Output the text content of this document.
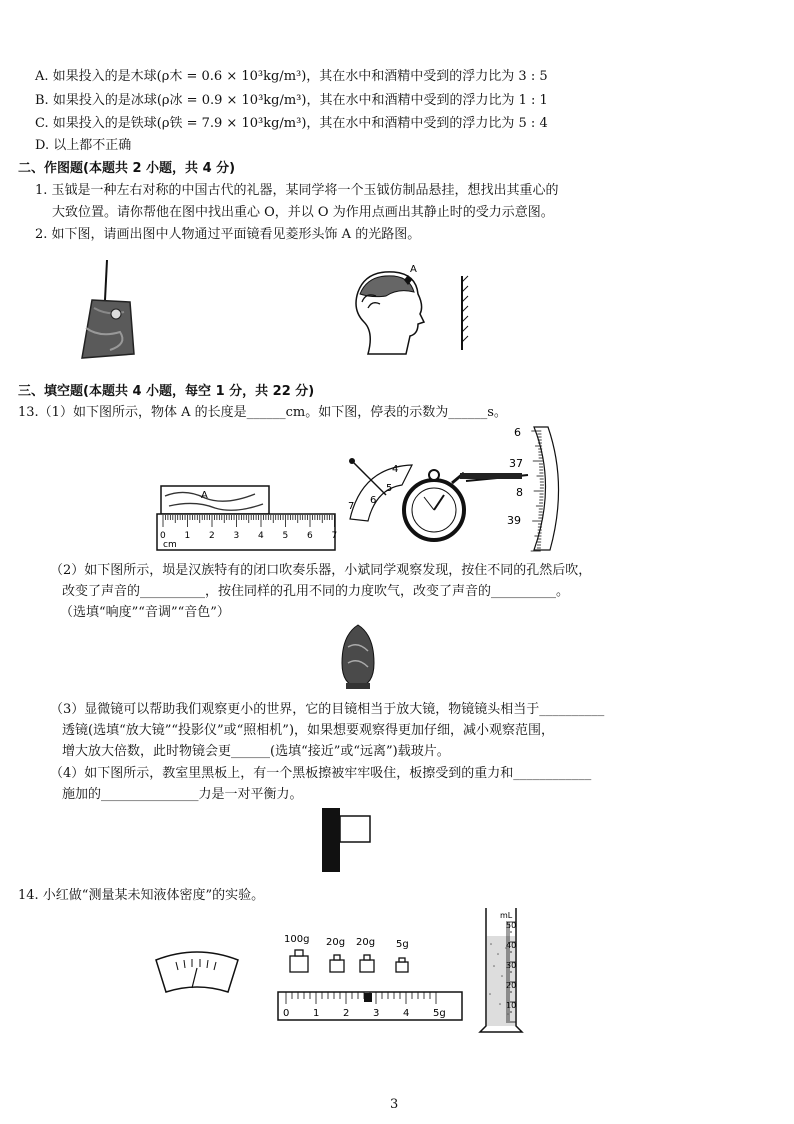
A. 如果投入的是木球(ρ木 = 0.6 × 10³kg/m³)，其在水中和酒精中受到的浮力比为 3 : 5
B. 如果投入的是冰球(ρ冰 = 0.9 × 10³kg/m³)，其在水中和酒精中受到的浮力比为 1 : 1
C. 如果投入的是铁球(ρ铁 = 7.9 × 10³kg/m³)，其在水中和酒精中受到的浮力比为 5 : 4
D. 以上都不正确
二、作图题(本题共 2 小题，共 4 分)
1. 玉钺是一种左右对称的中国古代的礼器，某同学将一个玉钺仿制品悬挂，想找出其重心的
大致位置。请你帮他在图中找出重心 O，并以 O 为作用点画出其静止时的受力示意图。
2. 如下图，请画出图中人物通过平面镜看见菱形头饰 A 的光路图。
A
三、填空题(本题共 4 小题，每空 1 分，共 22 分)
13.（1）如下图所示，物体 A 的长度是______cm。如下图，停表的示数为______s。
A
0 1 2 3 4 5 6 7
cm
4
5
6
7
6
37
8
39
（2）如下图所示，埙是汉族特有的闭口吹奏乐器，小斌同学观察发现，按住不同的孔然后吹，
改变了声音的__________，按住同样的孔用不同的力度吹气，改变了声音的__________。
（选填“响度”“音调”“音色”）
（3）显微镜可以帮助我们观察更小的世界，它的目镜相当于放大镜，物镜镜头相当于__________
透镜(选填“放大镜”“投影仪”或“照相机”)，如果想要观察得更加仔细，减小观察范围，
增大放大倍数，此时物镜会更______(选填“接近”或“远离”)载玻片。
（4）如下图所示，教室里黑板上，有一个黑板擦被牢牢吸住，板擦受到的重力和____________
施加的_______________力是一对平衡力。
14. 小红做“测量某未知液体密度”的实验。
100g 20g 20g 5g
0 1 2 3 4 5g
50
40
30
20
10
mL
3
